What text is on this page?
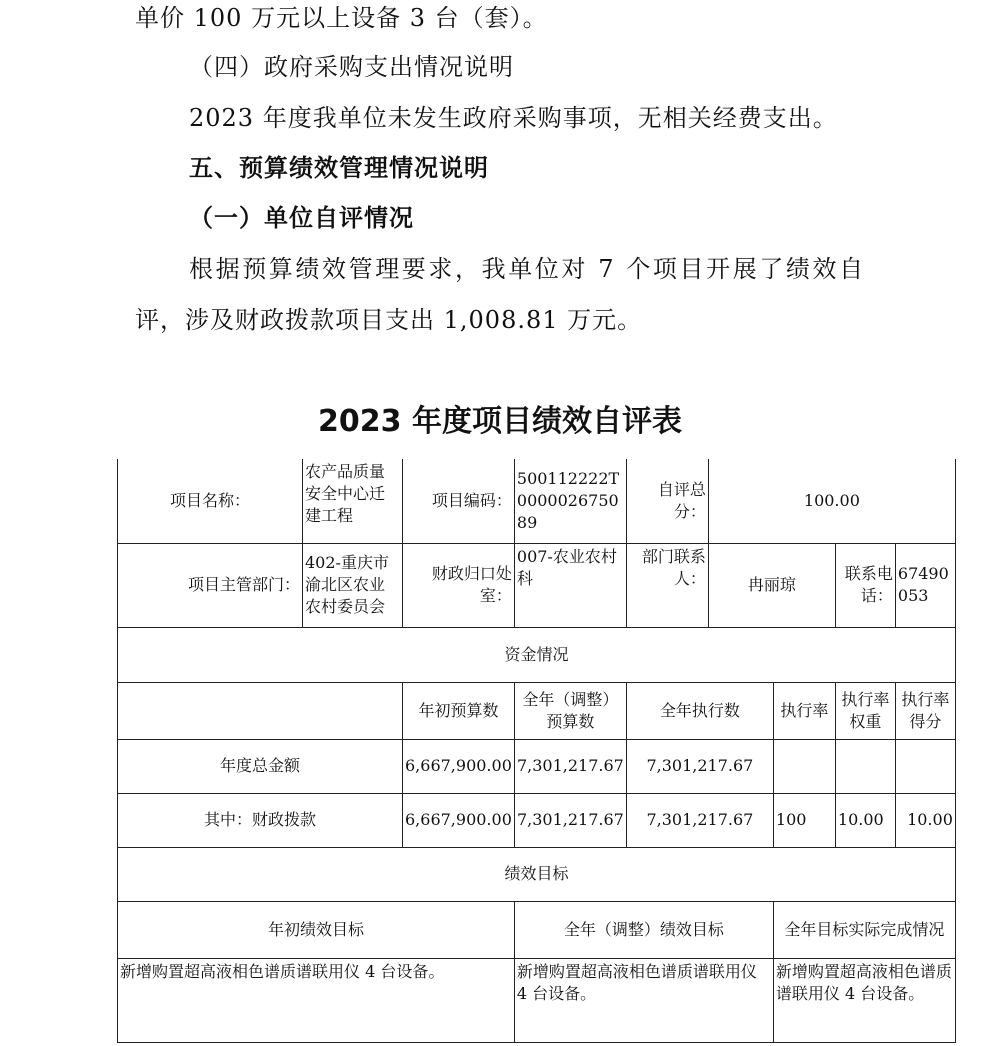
单价 100 万元以上设备 3 台（套）。
（四）政府采购支出情况说明
2023 年度我单位未发生政府采购事项，无相关经费支出。
五、预算绩效管理情况说明
（一）单位自评情况
根据预算绩效管理要求，我单位对 7 个项目开展了绩效自
评，涉及财政拨款项目支出 1,008.81 万元。
2023 年度项目绩效自评表
项目名称：	农产品质量安全中心迁建工程	项目编码：	500112222T000002675089	自评总分：	100.00			
项目主管部门：	402-重庆市渝北区农业农村委员会	财政归口处室：	007-农业农村科	部门联系人：	冉丽琼		联系电话：	67490053
资金情况								
		年初预算数	全年（调整）预算数	全年执行数		执行率	执行率权重	执行率得分
年度总金额		6,667,900.00	7,301,217.67	7,301,217.67				
其中：财政拨款		6,667,900.00	7,301,217.67	7,301,217.67		100	10.00	10.00
绩效目标								
年初绩效目标			全年（调整）绩效目标			全年目标实际完成情况		
新增购置超高液相色谱质谱联用仪 4 台设备。			新增购置超高液相色谱质谱联用仪 4 台设备。			新增购置超高液相色谱质谱联用仪 4 台设备。		
